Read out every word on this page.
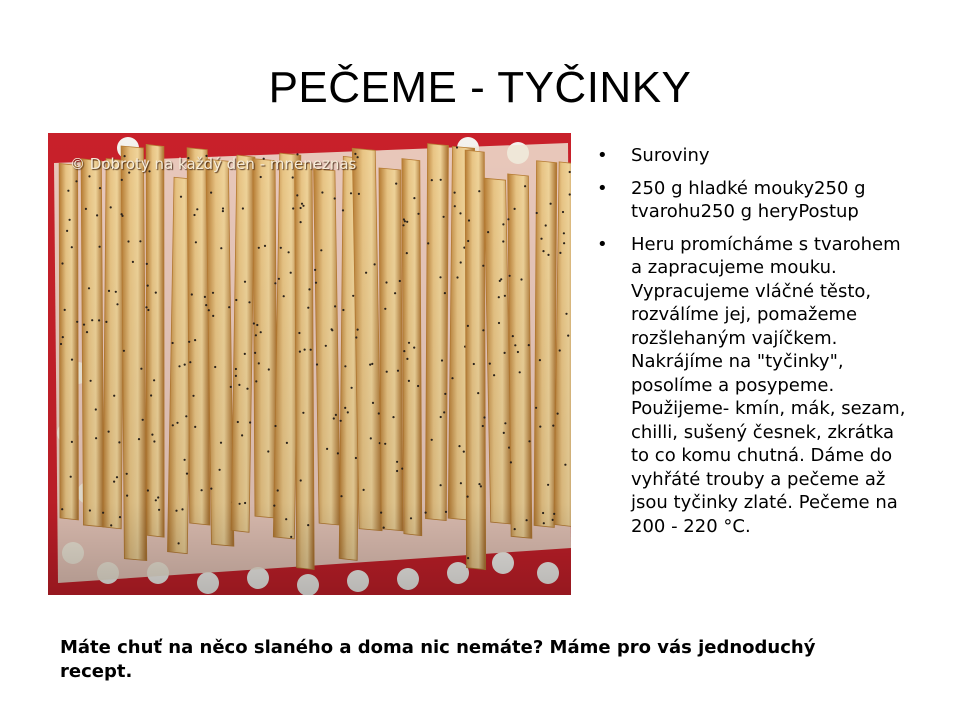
PEČEME - TYČINKY
© Dobroty na každý den - mneneznas	• Suroviny
• 250 g hladké mouky250 g tvarohu250 g heryPostup
• Heru promícháme s tvarohem a zapracujeme mouku. Vypracujeme vláčné těsto, rozválíme jej, pomažeme rozšlehaným vajíčkem. Nakrájíme na "tyčinky", posolíme a posypeme. Použijeme- kmín, mák, sezam, chilli, sušený česnek, zkrátka to co komu chutná. Dáme do vyhřáté trouby a pečeme až jsou tyčinky zlaté. Pečeme na 200 - 220 °C.
Máte chuť na něco slaného a doma nic nemáte? Máme pro vás jednoduchý recept.
